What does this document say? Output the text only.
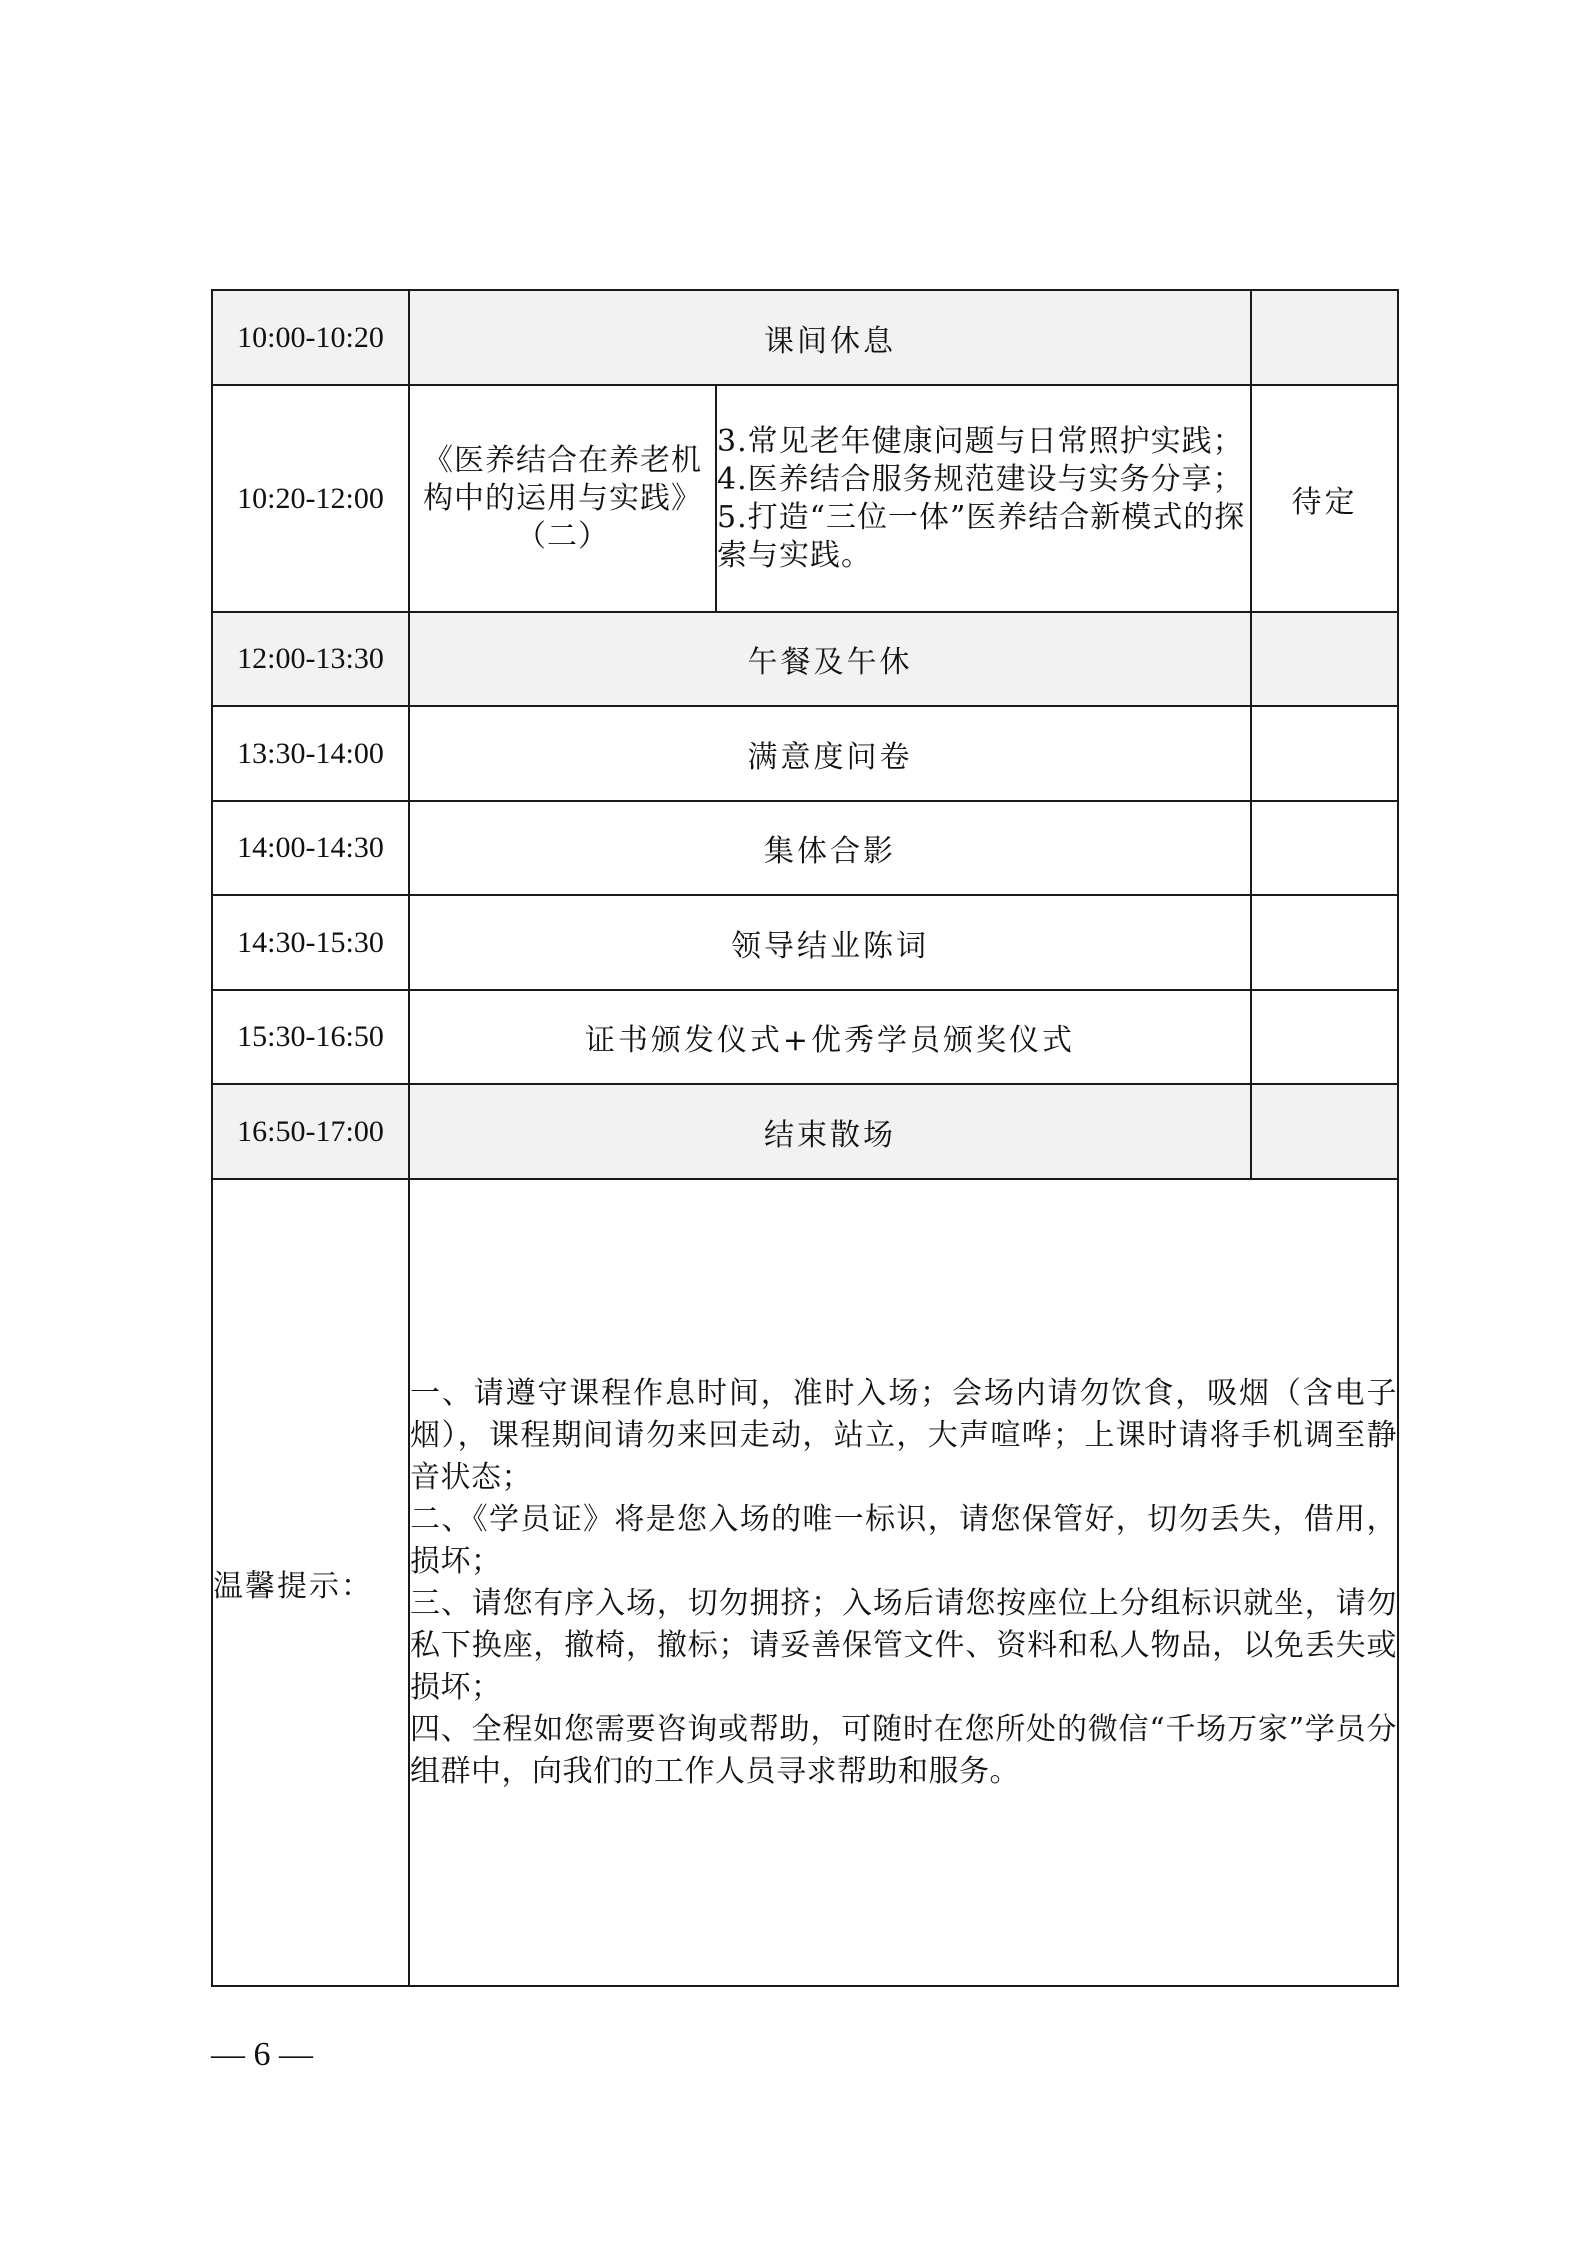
10:00-10:20	课间休息		
10:20-12:00	《医养结合在养老机构中的运用与实践》（二）	3.常见老年健康问题与日常照护实践；
4.医养结合服务规范建设与实务分享；
5.打造“三位一体”医养结合新模式的探索与实践。	待定
12:00-13:30	午餐及午休		
13:30-14:00	满意度问卷		
14:00-14:30	集体合影		
14:30-15:30	领导结业陈词		
15:30-16:50	证书颁发仪式+优秀学员颁奖仪式		
16:50-17:00	结束散场		
温馨提示：	一、请遵守课程作息时间，准时入场；会场内请勿饮食，吸烟（含电子烟），课程期间请勿来回走动，站立，大声喧哗；上课时请将手机调至静音状态；

二、《学员证》将是您入场的唯一标识，请您保管好，切勿丢失，借用，损坏；

三、请您有序入场，切勿拥挤；入场后请您按座位上分组标识就坐，请勿私下换座，撤椅，撤标；请妥善保管文件、资料和私人物品，以免丢失或损坏；

四、全程如您需要咨询或帮助，可随时在您所处的微信“千场万家”学员分组群中，向我们的工作人员寻求帮助和服务。		

— 6 —
